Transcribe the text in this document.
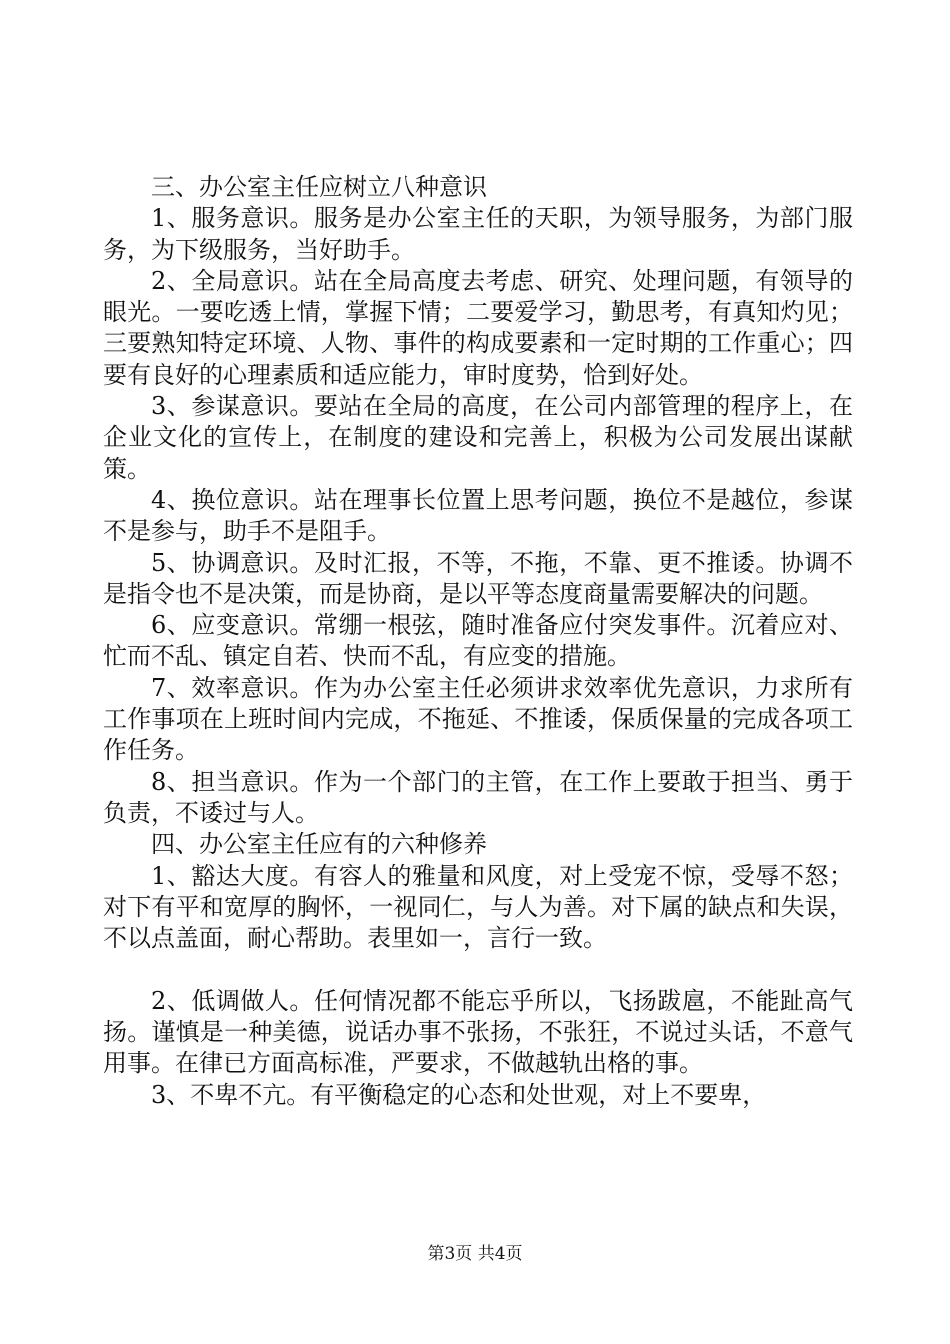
三、办公室主任应树立八种意识

1、服务意识。服务是办公室主任的天职，为领导服务，为部门服务，为下级服务，当好助手。

2、全局意识。站在全局高度去考虑、研究、处理问题，有领导的眼光。一要吃透上情，掌握下情；二要爱学习，勤思考，有真知灼见；三要熟知特定环境、人物、事件的构成要素和一定时期的工作重心；四要有良好的心理素质和适应能力，审时度势，恰到好处。

3、参谋意识。要站在全局的高度，在公司内部管理的程序上，在企业文化的宣传上，在制度的建设和完善上，积极为公司发展出谋献策。

4、换位意识。站在理事长位置上思考问题，换位不是越位，参谋不是参与，助手不是阻手。

5、协调意识。及时汇报，不等，不拖，不靠、更不推诿。协调不是指令也不是决策，而是协商，是以平等态度商量需要解决的问题。

6、应变意识。常绷一根弦，随时准备应付突发事件。沉着应对、忙而不乱、镇定自若、快而不乱，有应变的措施。

7、效率意识。作为办公室主任必须讲求效率优先意识，力求所有工作事项在上班时间内完成，不拖延、不推诿，保质保量的完成各项工作任务。

8、担当意识。作为一个部门的主管，在工作上要敢于担当、勇于负责，不诿过与人。

四、办公室主任应有的六种修养

1、豁达大度。有容人的雅量和风度，对上受宠不惊，受辱不怒；对下有平和宽厚的胸怀，一视同仁，与人为善。对下属的缺点和失误，不以点盖面，耐心帮助。表里如一，言行一致。

2、低调做人。任何情况都不能忘乎所以，飞扬跋扈，不能趾高气扬。谨慎是一种美德，说话办事不张扬，不张狂，不说过头话，不意气用事。在律已方面高标准，严要求，不做越轨出格的事。

3、不卑不亢。有平衡稳定的心态和处世观，对上不要卑，

第3页 共4页
